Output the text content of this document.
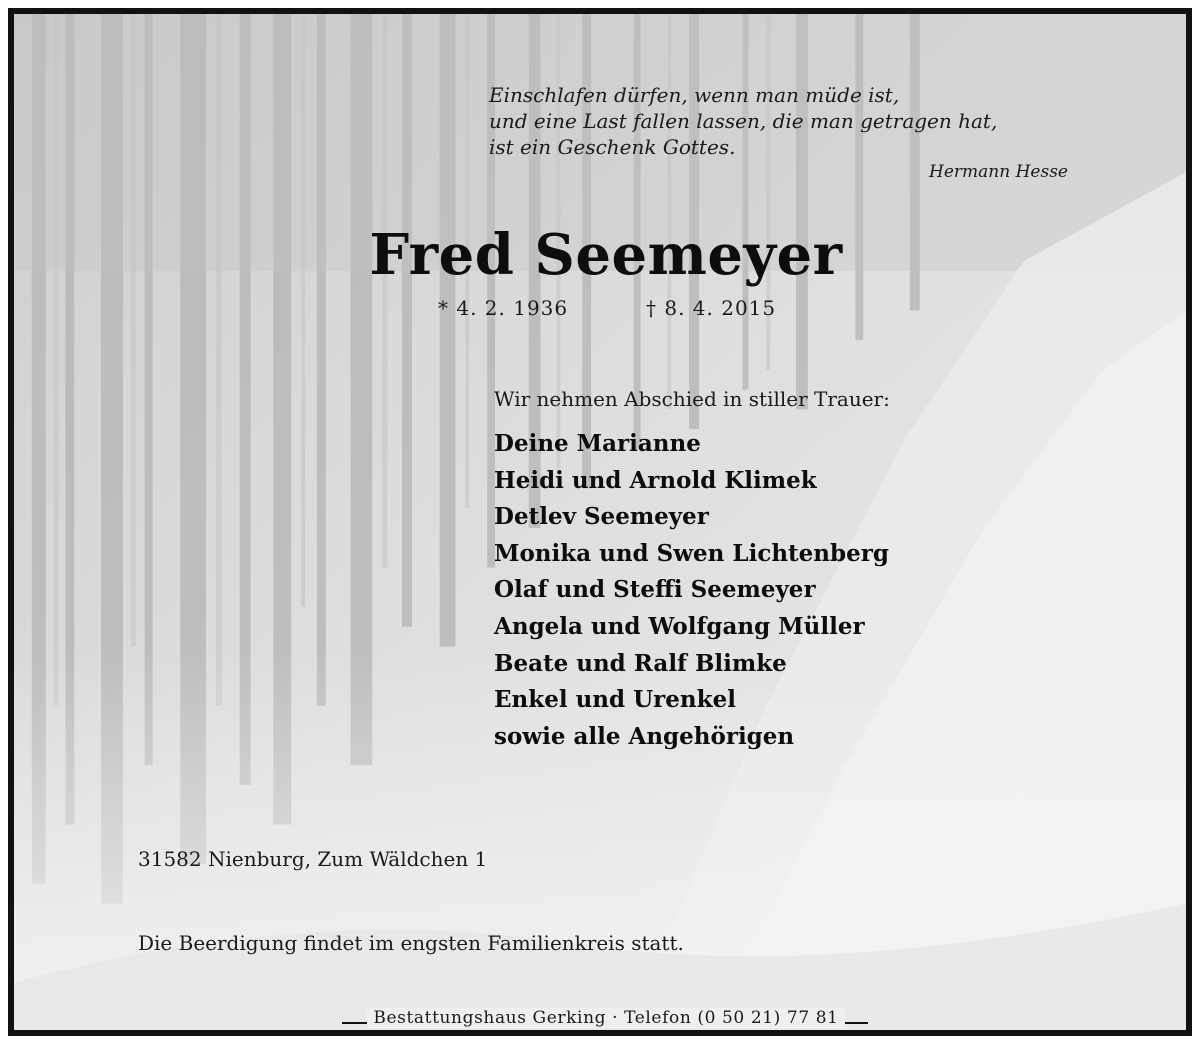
Einschlafen dürfen, wenn man müde ist,
und eine Last fallen lassen, die man getragen hat,
ist ein Geschenk Gottes.
Hermann Hesse
Fred Seemeyer
* 4. 2. 1936	† 8. 4. 2015
Wir nehmen Abschied in stiller Trauer:
Deine Marianne
Heidi und Arnold Klimek
Detlev Seemeyer
Monika und Swen Lichtenberg
Olaf und Steffi Seemeyer
Angela und Wolfgang Müller
Beate und Ralf Blimke
Enkel und Urenkel
sowie alle Angehörigen
31582 Nienburg, Zum Wäldchen 1
Die Beerdigung findet im engsten Familienkreis statt.
Bestattungshaus Gerking · Telefon (0 50 21) 77 81
